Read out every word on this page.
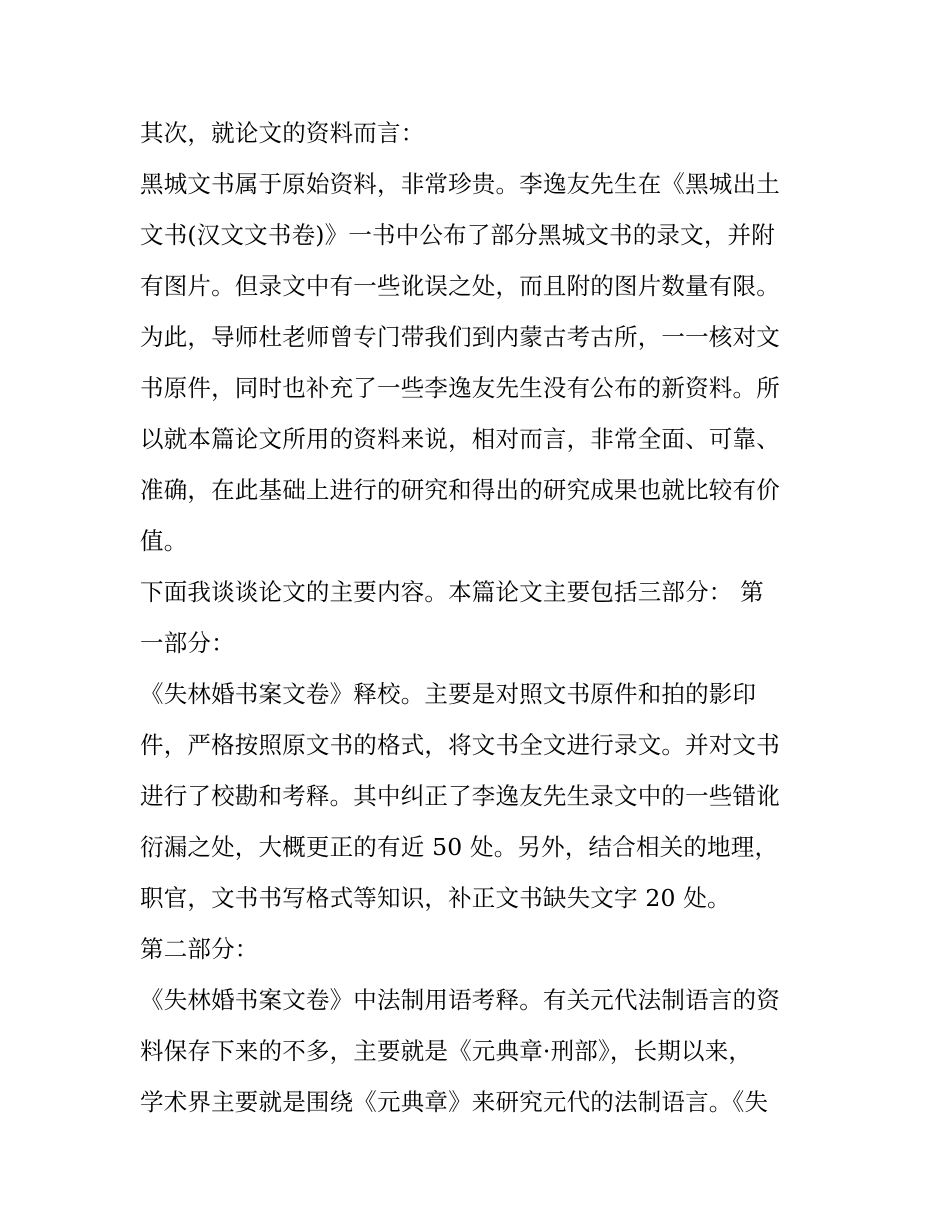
其次，就论文的资料而言：
黑城文书属于原始资料，非常珍贵。李逸友先生在《黑城出土
文书(汉文文书卷)》一书中公布了部分黑城文书的录文，并附
有图片。但录文中有一些讹误之处，而且附的图片数量有限。
为此，导师杜老师曾专门带我们到内蒙古考古所，一一核对文
书原件，同时也补充了一些李逸友先生没有公布的新资料。所
以就本篇论文所用的资料来说，相对而言，非常全面、可靠、
准确，在此基础上进行的研究和得出的研究成果也就比较有价
值。
下面我谈谈论文的主要内容。本篇论文主要包括三部分： 第
一部分：
《失林婚书案文卷》释校。主要是对照文书原件和拍的影印
件，严格按照原文书的格式，将文书全文进行录文。并对文书
进行了校勘和考释。其中纠正了李逸友先生录文中的一些错讹
衍漏之处，大概更正的有近 50 处。另外，结合相关的地理，
职官，文书书写格式等知识，补正文书缺失文字 20 处。
第二部分：
《失林婚书案文卷》中法制用语考释。有关元代法制语言的资
料保存下来的不多，主要就是《元典章·刑部》，长期以来，
学术界主要就是围绕《元典章》来研究元代的法制语言。《失
